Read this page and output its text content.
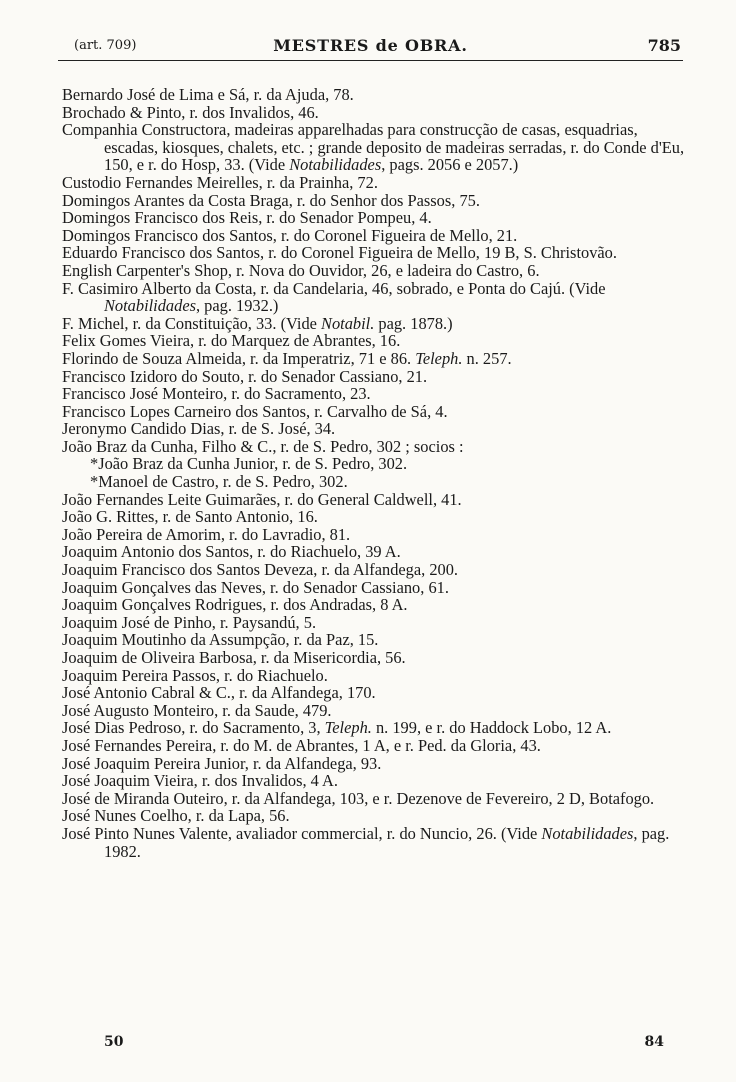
(art. 709)	MESTRES de OBRA.	785

Bernardo José de Lima e Sá, r. da Ajuda, 78.

Brochado & Pinto, r. dos Invalidos, 46.

Companhia Constructora, madeiras apparelhadas para construcção de casas, esquadrias, escadas, kiosques, chalets, etc. ; grande deposito de madeiras serradas, r. do Conde d'Eu, 150, e r. do Hosp, 33. (Vide Notabilidades, pags. 2056 e 2057.)

Custodio Fernandes Meirelles, r. da Prainha, 72.

Domingos Arantes da Costa Braga, r. do Senhor dos Passos, 75.

Domingos Francisco dos Reis, r. do Senador Pompeu, 4.

Domingos Francisco dos Santos, r. do Coronel Figueira de Mello, 21.

Eduardo Francisco dos Santos, r. do Coronel Figueira de Mello, 19 B, S. Christovão.

English Carpenter's Shop, r. Nova do Ouvidor, 26, e ladeira do Castro, 6.

F. Casimiro Alberto da Costa, r. da Candelaria, 46, sobrado, e Ponta do Cajú. (Vide Notabilidades, pag. 1932.)

F. Michel, r. da Constituição, 33. (Vide Notabil. pag. 1878.)

Felix Gomes Vieira, r. do Marquez de Abrantes, 16.

Florindo de Souza Almeida, r. da Imperatriz, 71 e 86. Teleph. n. 257.

Francisco Izidoro do Souto, r. do Senador Cassiano, 21.

Francisco José Monteiro, r. do Sacramento, 23.

Francisco Lopes Carneiro dos Santos, r. Carvalho de Sá, 4.

Jeronymo Candido Dias, r. de S. José, 34.

João Braz da Cunha, Filho & C., r. de S. Pedro, 302 ; socios :

*João Braz da Cunha Junior, r. de S. Pedro, 302.

*Manoel de Castro, r. de S. Pedro, 302.

João Fernandes Leite Guimarães, r. do General Caldwell, 41.

João G. Rittes, r. de Santo Antonio, 16.

João Pereira de Amorim, r. do Lavradio, 81.

Joaquim Antonio dos Santos, r. do Riachuelo, 39 A.

Joaquim Francisco dos Santos Deveza, r. da Alfandega, 200.

Joaquim Gonçalves das Neves, r. do Senador Cassiano, 61.

Joaquim Gonçalves Rodrigues, r. dos Andradas, 8 A.

Joaquim José de Pinho, r. Paysandú, 5.

Joaquim Moutinho da Assumpção, r. da Paz, 15.

Joaquim de Oliveira Barbosa, r. da Misericordia, 56.

Joaquim Pereira Passos, r. do Riachuelo.

José Antonio Cabral & C., r. da Alfandega, 170.

José Augusto Monteiro, r. da Saude, 479.

José Dias Pedroso, r. do Sacramento, 3, Teleph. n. 199, e r. do Haddock Lobo, 12 A.

José Fernandes Pereira, r. do M. de Abrantes, 1 A, e r. Ped. da Gloria, 43.

José Joaquim Pereira Junior, r. da Alfandega, 93.

José Joaquim Vieira, r. dos Invalidos, 4 A.

José de Miranda Outeiro, r. da Alfandega, 103, e r. Dezenove de Fevereiro, 2 D, Botafogo.

José Nunes Coelho, r. da Lapa, 56.

José Pinto Nunes Valente, avaliador commercial, r. do Nuncio, 26. (Vide Notabilidades, pag. 1982.

50	84
